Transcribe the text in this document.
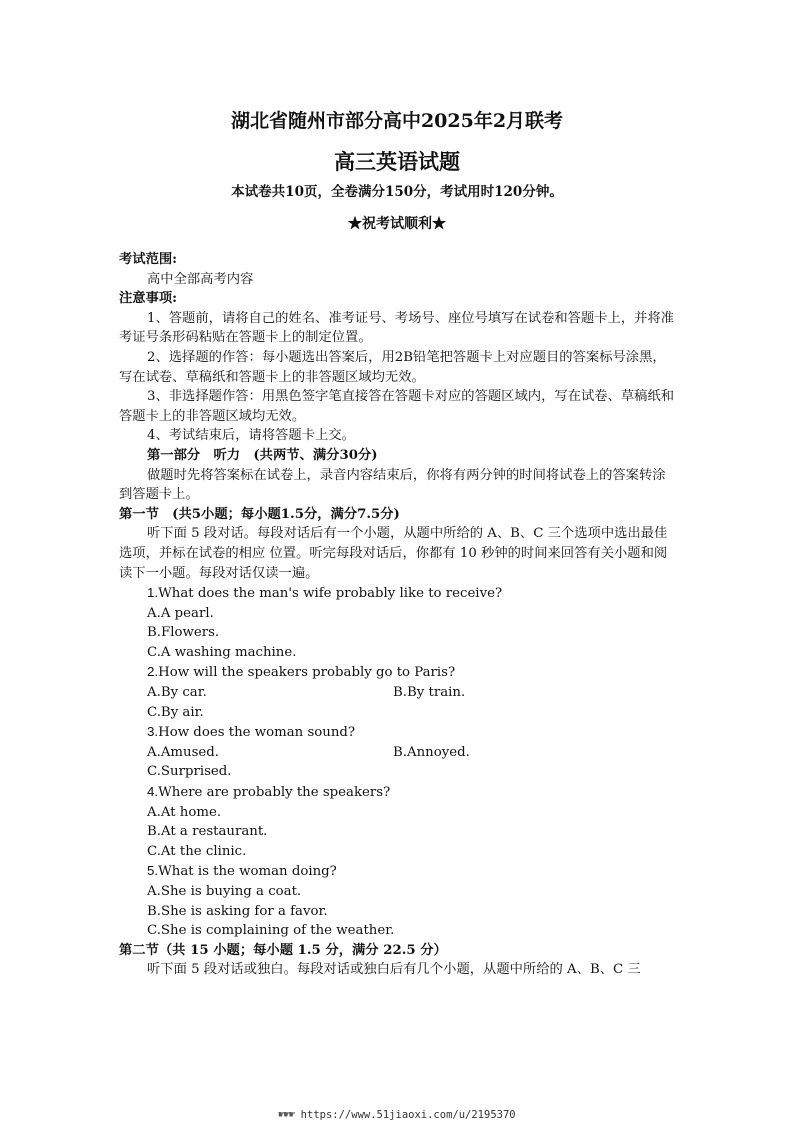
湖北省随州市部分高中2025年2月联考
高三英语试题
本试卷共10页，全卷满分150分，考试用时120分钟。
★祝考试顺利★

考试范围:

高中全部高考内容

注意事项:

1、答题前，请将自己的姓名、准考证号、考场号、座位号填写在试卷和答题卡上，并将准考证号条形码粘贴在答题卡上的制定位置。

2、选择题的作答：每小题选出答案后，用2B铅笔把答题卡上对应题目的答案标号涂黑，写在试卷、草稿纸和答题卡上的非答题区域均无效。

3、非选择题作答：用黑色签字笔直接答在答题卡对应的答题区域内，写在试卷、草稿纸和答题卡上的非答题区域均无效。

4、考试结束后，请将答题卡上交。

第一部分　听力　(共两节、满分30分)

做题时先将答案标在试卷上，录音内容结束后，你将有两分钟的时间将试卷上的答案转涂到答题卡上。

第一节　(共5小题；每小题1.5分，满分7.5分)

听下面 5 段对话。每段对话后有一个小题，从题中所给的 A、B、C 三个选项中选出最佳选项，并标在试卷的相应 位置。听完每段对话后，你都有 10 秒钟的时间来回答有关小题和阅读下一小题。每段对话仅读一遍。

1.What does the man's wife probably like to receive?

A.A pearl.

B.Flowers.

C.A washing machine.

2.How will the speakers probably go to Paris?

A.By car.	B.By train.

C.By air.

3.How does the woman sound?

A.Amused.	B.Annoyed.

C.Surprised.

4.Where are probably the speakers?

A.At home.

B.At a restaurant.

C.At the clinic.

5.What is the woman doing?

A.She is buying a coat.

B.She is asking for a favor.

C.She is complaining of the weather.

第二节（共 15 小题；每小题 1.5 分，满分 22.5 分）

听下面 5 段对话或独白。每段对话或独白后有几个小题，从题中所给的 A、B、C 三

☛☛☛ https://www.51jiaoxi.com/u/2195370
